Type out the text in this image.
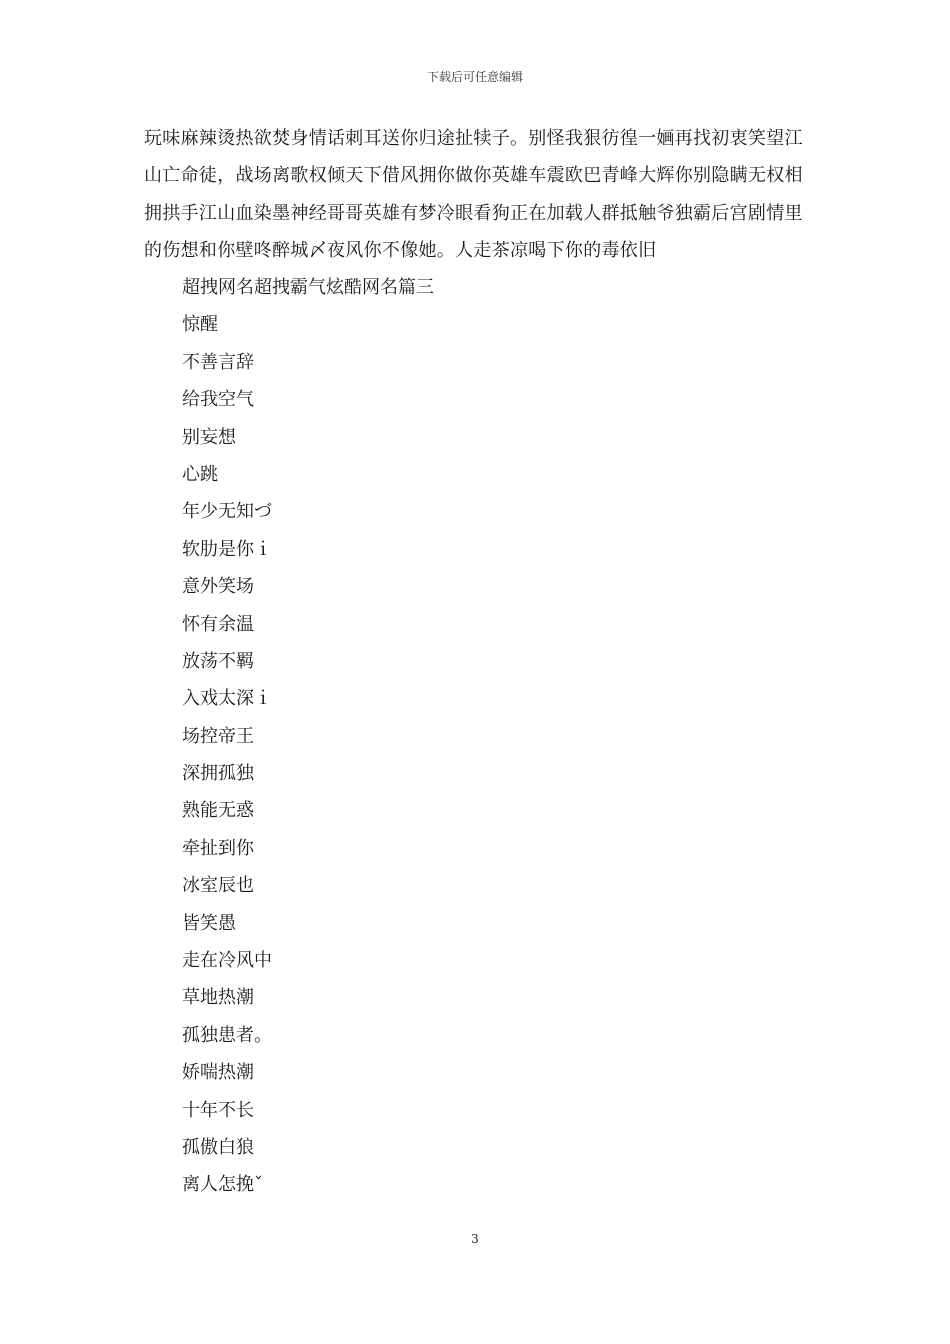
下载后可任意编辑

玩味麻辣烫热欲焚身情话刺耳送你归途扯犊子。别怪我狠彷徨一婳再找初衷笑望江山亡命徒，战场离歌权倾天下借风拥你做你英雄车震欧巴青峰大辉你别隐瞒无权相拥拱手江山血染墨神经哥哥英雄有梦冷眼看狗正在加载人群抵触爷独霸后宫剧情里的伤想和你壁咚醉城〆夜风你不像她。人走茶凉喝下你的毒依旧

超拽网名超拽霸气炫酷网名篇三
惊醒
不善言辞
给我空气
别妄想
心跳
年少无知づ
软肋是你ｉ
意外笑场
怀有余温
放荡不羁
入戏太深ｉ
场控帝王
深拥孤独
熟能无惑
牵扯到你
冰室辰也
皆笑愚
走在冷风中
草地热潮
孤独患者。
娇喘热潮
十年不长
孤傲白狼
离人怎挽ˇ
3
